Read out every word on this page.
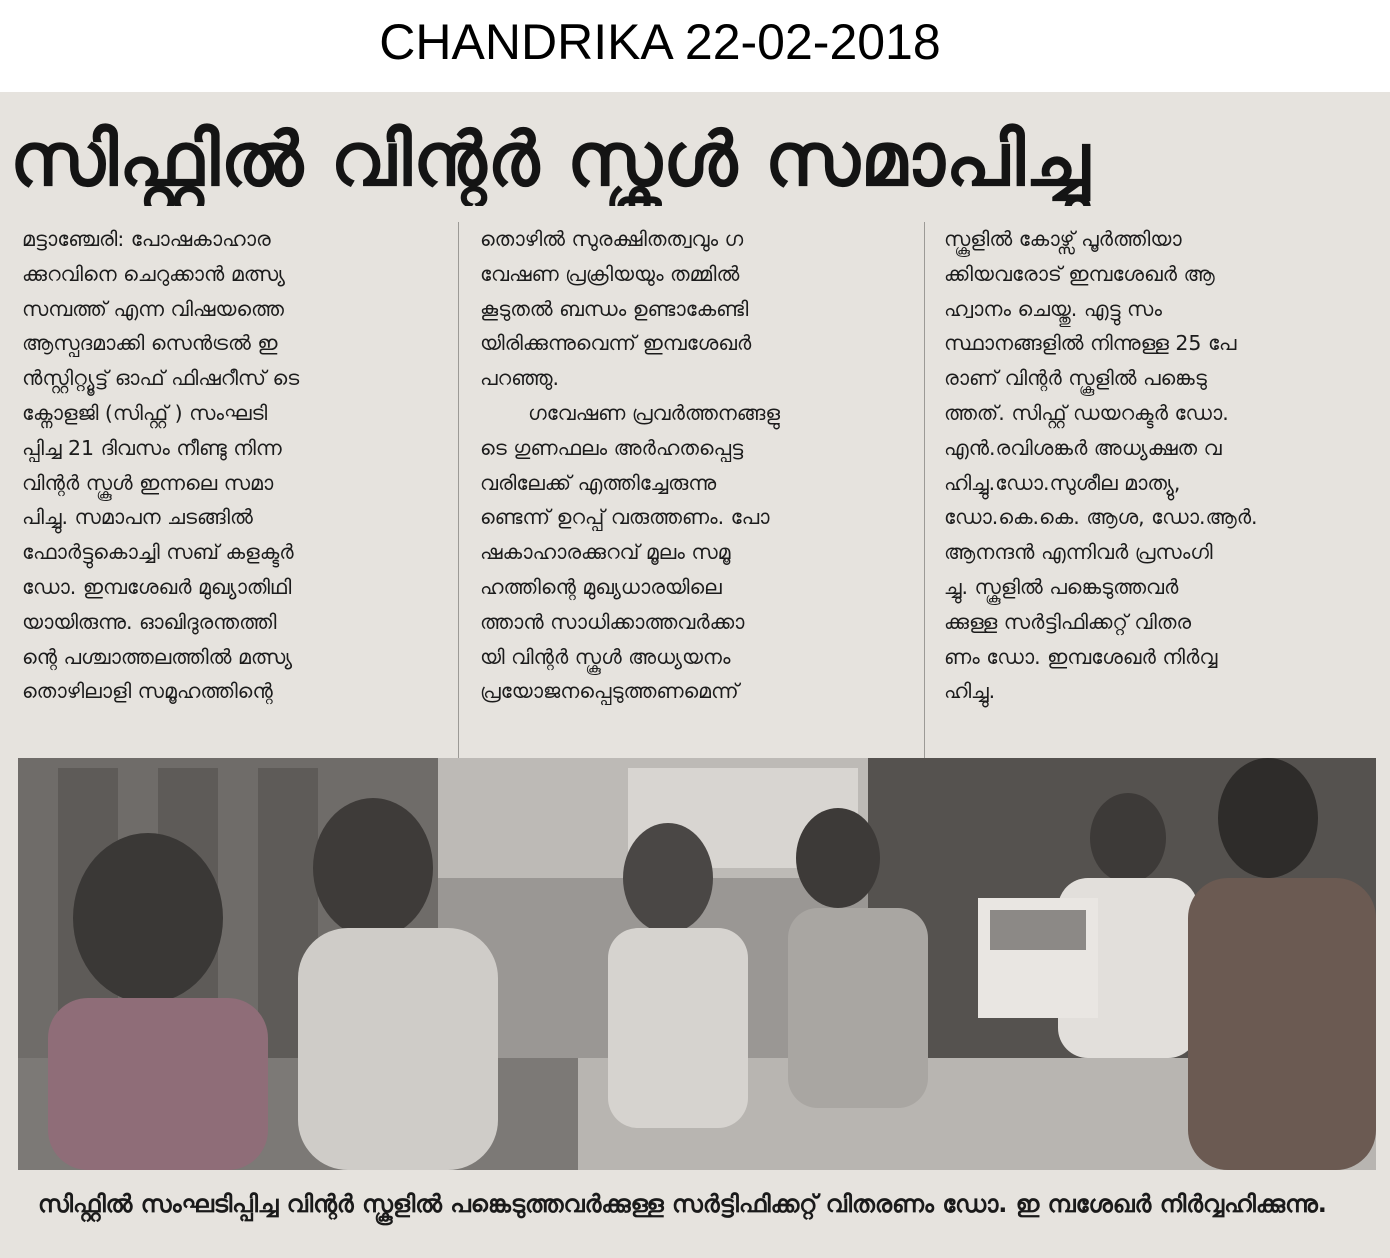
CHANDRIKA 22-02-2018
സിഫ്റ്റിൽ വിന്റർ സ്കൂൾ സമാപിച്ചു
മട്ടാഞ്ചേരി: പോഷകാഹാര
ക്കുറവിനെ ചെറുക്കാൻ മത്സ്യ
സമ്പത്ത് എന്ന വിഷയത്തെ
ആസ്പദമാക്കി സെൻട്രൽ ഇ
ൻസ്റ്റിറ്റ്യൂട്ട് ഓഫ് ഫിഷറീസ് ടെ
ക്നോളജി (സിഫ്റ്റ് ) സംഘടി
പ്പിച്ച 21 ദിവസം നീണ്ടു നിന്ന
വിന്റർ സ്കൂൾ ഇന്നലെ സമാ
പിച്ചു. സമാപന ചടങ്ങിൽ
ഫോർട്ടുകൊച്ചി സബ് കളക്ടർ
ഡോ. ഇമ്പശേഖർ മുഖ്യാതിഥി
യായിരുന്നു. ഓഖിദുരന്തത്തി
ന്റെ പശ്ചാത്തലത്തിൽ മത്സ്യ
തൊഴിലാളി സമൂഹത്തിന്റെ
തൊഴിൽ സുരക്ഷിതത്വവും ഗ
വേഷണ പ്രക്രിയയും തമ്മിൽ
കൂടുതൽ ബന്ധം ഉണ്ടാകേണ്ടി
യിരിക്കുന്നുവെന്ന് ഇമ്പശേഖർ
പറഞ്ഞു.
ഗവേഷണ പ്രവർത്തനങ്ങളു
ടെ ഗുണഫലം അർഹതപ്പെട്ട
വരിലേക്ക് എത്തിച്ചേരുന്നു
ണ്ടെന്ന് ഉറപ്പ് വരുത്തണം. പോ
ഷകാഹാരക്കുറവ് മൂലം സമൂ
ഹത്തിന്റെ മുഖ്യധാരയിലെ
ത്താൻ സാധിക്കാത്തവർക്കാ
യി വിന്റർ സ്കൂൾ അധ്യയനം
പ്രയോജനപ്പെടുത്തണമെന്ന്
സ്കൂളിൽ കോഴ്സ് പൂർത്തിയാ
ക്കിയവരോട് ഇമ്പശേഖർ ആ
ഹ്വാനം ചെയ്തു. എട്ടു സം
സ്ഥാനങ്ങളിൽ നിന്നുള്ള 25 പേ
രാണ് വിന്റർ സ്കൂളിൽ പങ്കെടു
ത്തത്. സിഫ്റ്റ് ഡയറക്ടർ ഡോ.
എൻ.രവിശങ്കർ അധ്യക്ഷത വ
ഹിച്ചു.ഡോ.സുശീല മാത്യു,
ഡോ.കെ.കെ. ആശ, ഡോ.ആർ.
ആനന്ദൻ എന്നിവർ പ്രസംഗി
ച്ചു. സ്കൂളിൽ പങ്കെടുത്തവർ
ക്കുള്ള സർട്ടിഫിക്കറ്റ് വിതര
ണം ഡോ. ഇമ്പശേഖർ നിർവ്വ
ഹിച്ചു.
സിഫ്റ്റിൽ സംഘടിപ്പിച്ച വിന്റർ സ്കൂളിൽ പങ്കെടുത്തവർക്കുള്ള സർട്ടിഫിക്കറ്റ് വിതരണം ഡോ. ഇ മ്പശേഖർ നിർവ്വഹിക്കുന്നു.
